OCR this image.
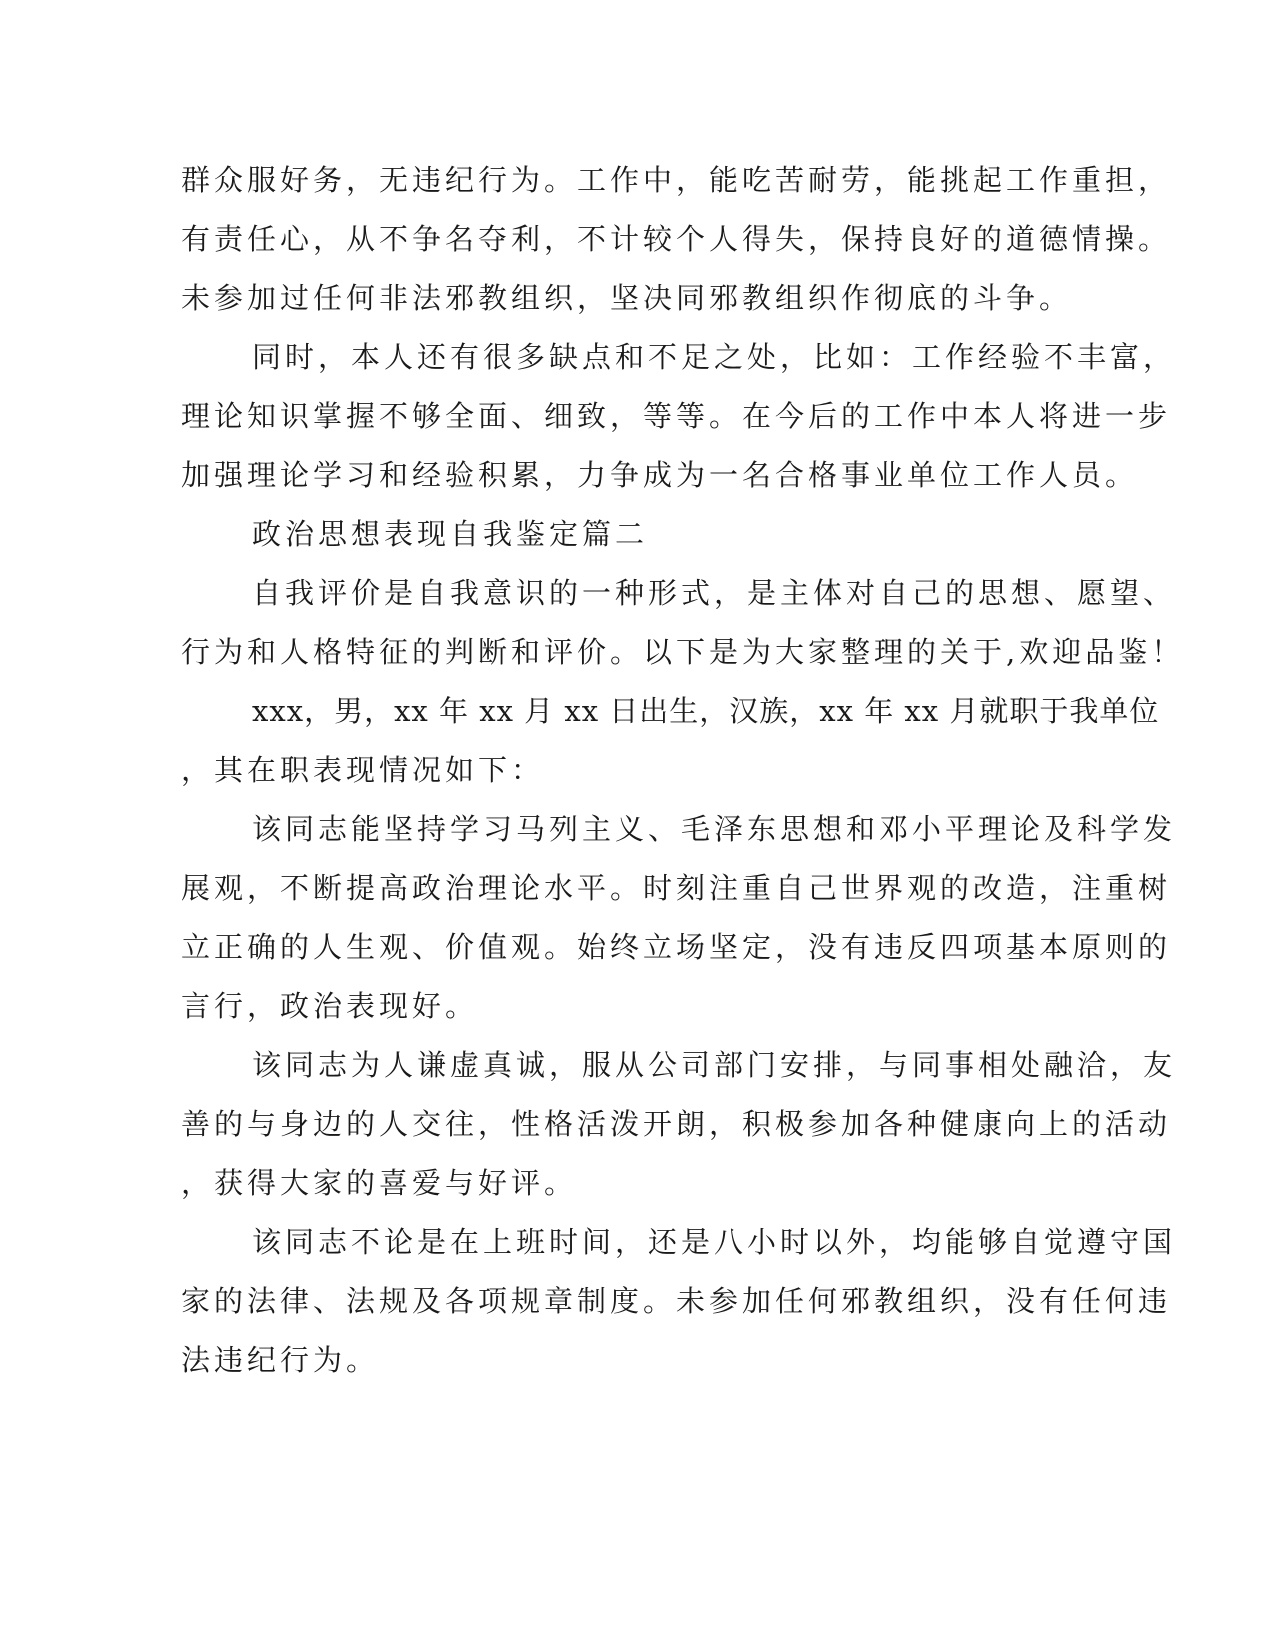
群众服好务，无违纪行为。工作中，能吃苦耐劳，能挑起工作重担，
有责任心，从不争名夺利，不计较个人得失，保持良好的道德情操。
未参加过任何非法邪教组织，坚决同邪教组织作彻底的斗争。
同时，本人还有很多缺点和不足之处，比如：工作经验不丰富，
理论知识掌握不够全面、细致，等等。在今后的工作中本人将进一步
加强理论学习和经验积累，力争成为一名合格事业单位工作人员。
政治思想表现自我鉴定篇二
自我评价是自我意识的一种形式，是主体对自己的思想、愿望、
行为和人格特征的判断和评价。以下是为大家整理的关于,欢迎品鉴！
xxx，男，xx 年 xx 月 xx 日出生，汉族，xx 年 xx 月就职于我单位
，其在职表现情况如下：
该同志能坚持学习马列主义、毛泽东思想和邓小平理论及科学发
展观，不断提高政治理论水平。时刻注重自己世界观的改造，注重树
立正确的人生观、价值观。始终立场坚定，没有违反四项基本原则的
言行，政治表现好。
该同志为人谦虚真诚，服从公司部门安排，与同事相处融洽，友
善的与身边的人交往，性格活泼开朗，积极参加各种健康向上的活动
，获得大家的喜爱与好评。
该同志不论是在上班时间，还是八小时以外，均能够自觉遵守国
家的法律、法规及各项规章制度。未参加任何邪教组织，没有任何违
法违纪行为。
